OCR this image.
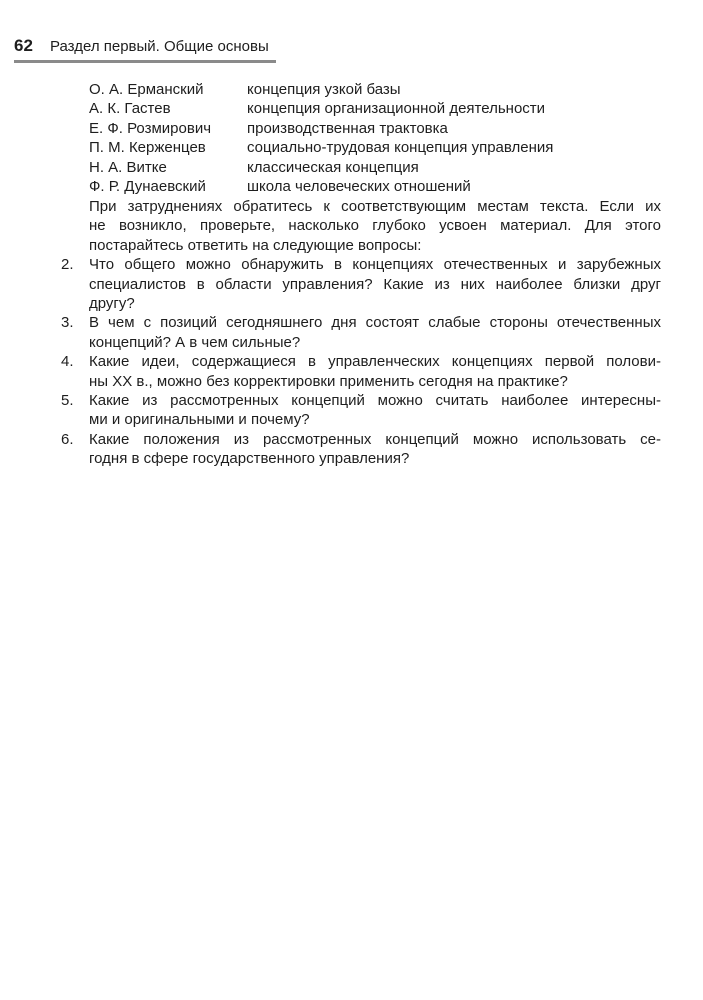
62 Раздел первый. Общие основы
О. А. Ерманский	концепция узкой базы
А. К. Гастев	концепция организационной деятельности
Е. Ф. Розмирович производственная трактовка
П. М. Керженцев	социально-трудовая концепция управления
Н. А. Витке	классическая концепция
Ф. Р. Дунаевский	школа человеческих отношений

При затруднениях обратитесь к соответствующим местам текста. Если их
не возникло, проверьте, насколько глубоко усвоен материал. Для этого
постарайтесь ответить на следующие вопросы:

2. Что общего можно обнаружить в концепциях отечественных и зарубежных
специалистов в области управления? Какие из них наиболее близки друг
другу?
3. В чем с позиций сегодняшнего дня состоят слабые стороны отечественных
концепций? А в чем сильные?
4. Какие идеи, содержащиеся в управленческих концепциях первой полови-
ны XX в., можно без корректировки применить сегодня на практике?
5. Какие из рассмотренных концепций можно считать наиболее интересны-
ми и оригинальными и почему?
6. Какие положения из рассмотренных концепций можно использовать се-
годня в сфере государственного управления?
